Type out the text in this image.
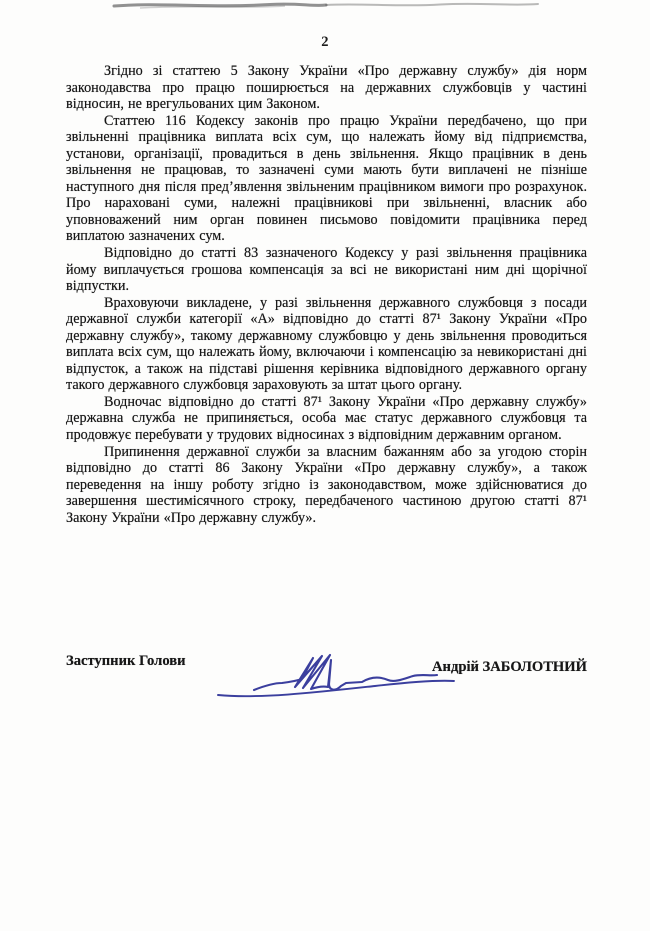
2

Згідно зі статтею 5 Закону України «Про державну службу» дія норм законодавства про працю поширюється на державних службовців у частині відносин, не врегульованих цим Законом.

Статтею 116 Кодексу законів про працю України передбачено, що при звільненні працівника виплата всіх сум, що належать йому від підприємства, установи, організації, провадиться в день звільнення. Якщо працівник в день звільнення не працював, то зазначені суми мають бути виплачені не пізніше наступного дня після пред’явлення звільненим працівником вимоги про розрахунок. Про нараховані суми, належні працівникові при звільненні, власник або уповноважений ним орган повинен письмово повідомити працівника перед виплатою зазначених сум.

Відповідно до статті 83 зазначеного Кодексу у разі звільнення працівника йому виплачується грошова компенсація за всі не використані ним дні щорічної відпустки.

Враховуючи викладене, у разі звільнення державного службовця з посади державної служби категорії «А» відповідно до статті 87¹ Закону України «Про державну службу», такому державному службовцю у день звільнення проводиться виплата всіх сум, що належать йому, включаючи і компенсацію за невикористані дні відпусток, а також на підставі рішення керівника відповідного державного органу такого державного службовця зараховують за штат цього органу.

Водночас відповідно до статті 87¹ Закону України «Про державну службу» державна служба не припиняється, особа має статус державного службовця та продовжує перебувати у трудових відносинах з відповідним державним органом.

Припинення державної служби за власним бажанням або за угодою сторін відповідно до статті 86 Закону України «Про державну службу», а також переведення на іншу роботу згідно із законодавством, може здійснюватися до завершення шестимісячного строку, передбаченого частиною другою статті 87¹ Закону України «Про державну службу».

Заступник Голови	Андрій ЗАБОЛОТНИЙ
